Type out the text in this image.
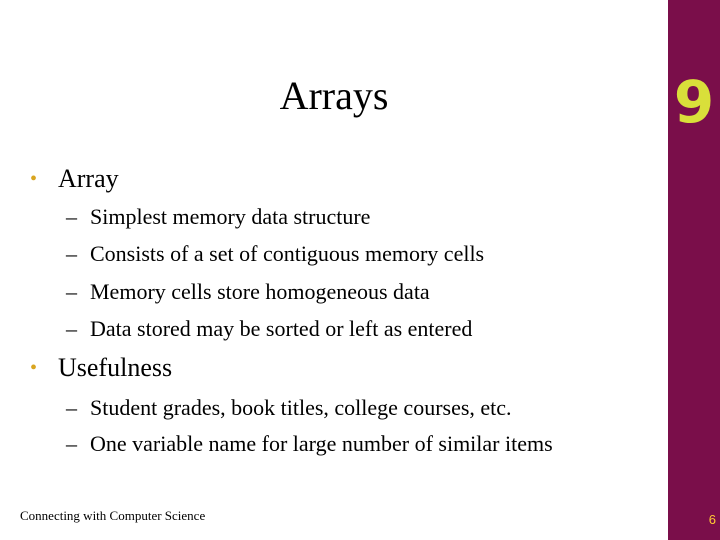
9
6
Arrays
• Array
– Simplest memory data structure
– Consists of a set of contiguous memory cells
– Memory cells store homogeneous data
– Data stored may be sorted or left as entered
• Usefulness
– Student grades, book titles, college courses, etc.
– One variable name for large number of similar items
Connecting with Computer Science
